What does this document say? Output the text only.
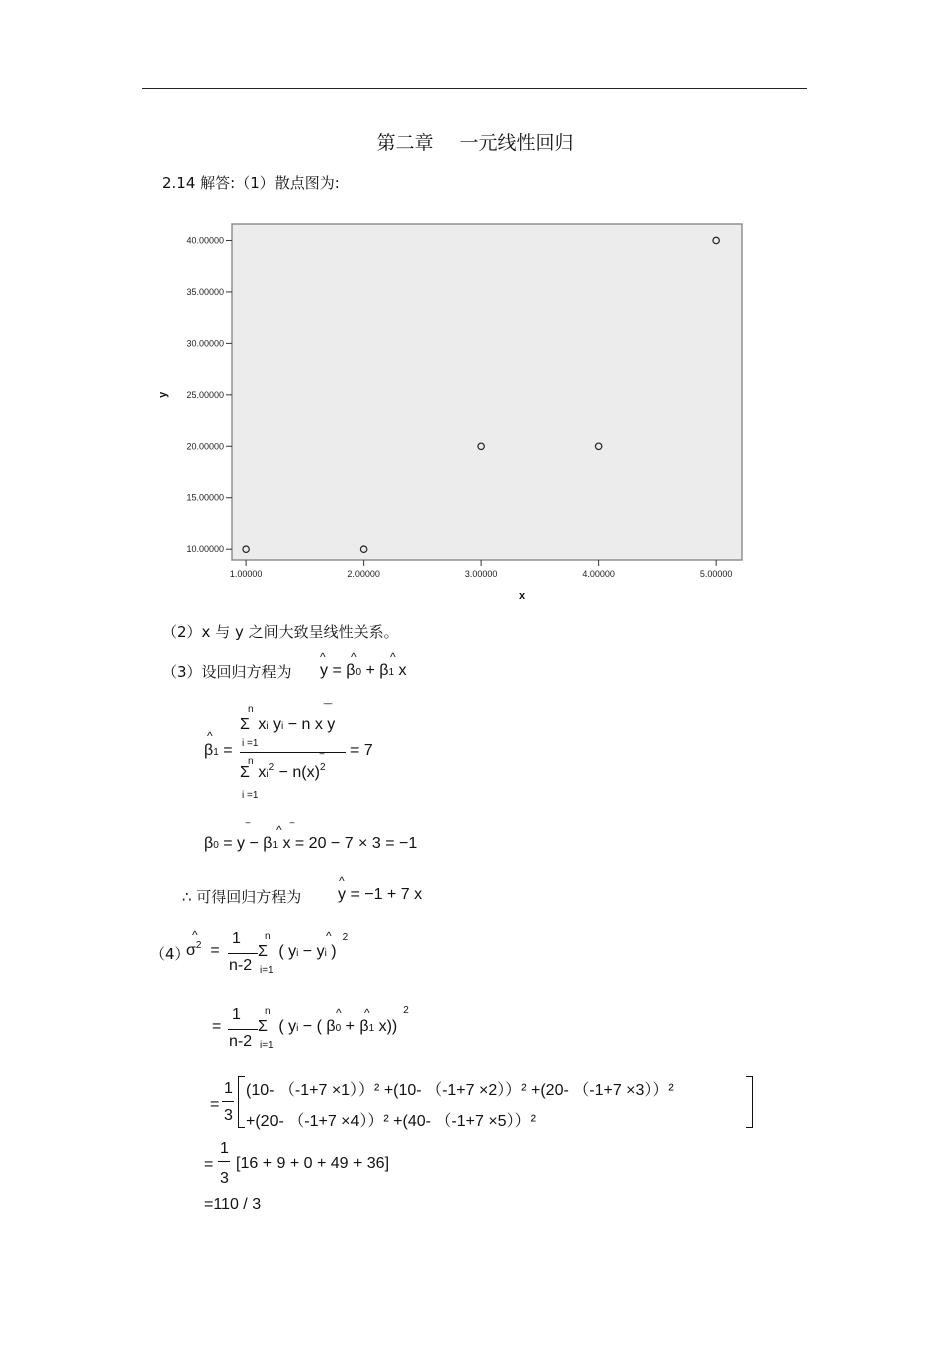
第二章 一元线性回归
2.14 解答:（1）散点图为:
10.00000
15.00000
20.00000
25.00000
30.00000
35.00000
40.00000
1.00000	2.00000	3.00000	4.00000	5.00000
x
y
（2）x 与 y 之间大致呈线性关系。
（3）设回归方程为
^
y = β0 + β1 x
^	^
^
β1 =
n
Σ xi yi − n x y
‾‾
i =1
n
Σ $xi^2 - n(x)^2$
‾
i =1
= 7
β0 = y − β1 x = 20 − 7 × 3 = −1
‾ ^ ‾
∴ 可得回归方程为
^
y = −1 + 7 x
（4）
^
$\sigma^2$  =
1
n-2
n
Σ
i=1
( yi − yi )$^2$
^
=
1
n-2
n
Σ
i=1
( yi − ( β0 + β1 x))$^2$
^ ^
=
1
3
(10- （-1+7 ×1））² +(10- （-1+7 ×2））² +(20- （-1+7 ×3））²
+(20- （-1+7 ×4））² +(40- （-1+7 ×5））²
=
1
3
[16 + 9 + 0 + 49 + 36]
=110 / 3
